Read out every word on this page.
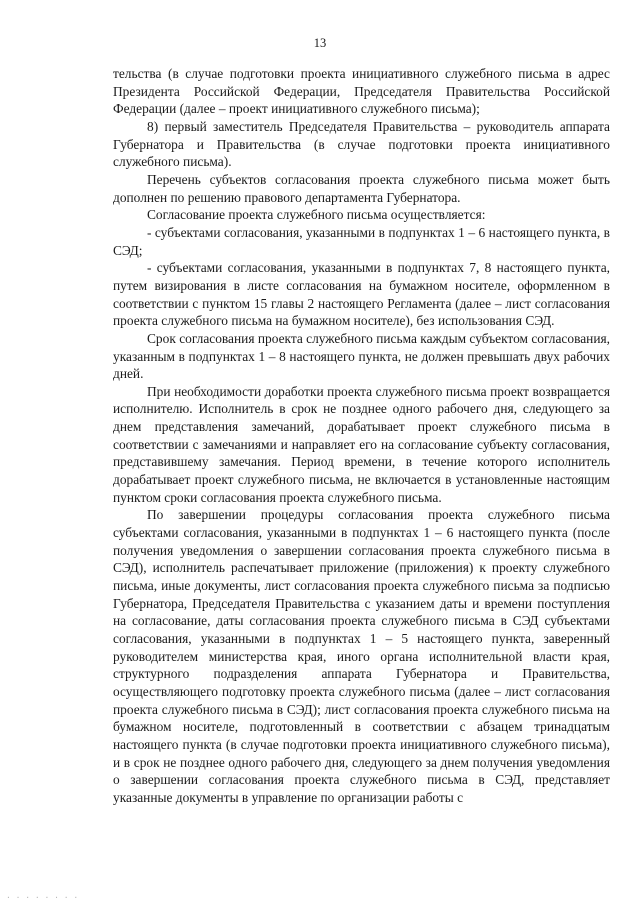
13

тельства (в случае подготовки проекта инициативного служебного письма в адрес Президента Российской Федерации, Председателя Правительства Российской Федерации (далее – проект инициативного служебного письма);

8) первый заместитель Председателя Правительства – руководитель аппарата Губернатора и Правительства (в случае подготовки проекта инициативного служебного письма).

Перечень субъектов согласования проекта служебного письма может быть дополнен по решению правового департамента Губернатора.

Согласование проекта служебного письма осуществляется:

- субъектами согласования, указанными в подпунктах 1 – 6 настоящего пункта, в СЭД;

- субъектами согласования, указанными в подпунктах 7, 8 настоящего пункта, путем визирования в листе согласования на бумажном носителе, оформленном в соответствии с пунктом 15 главы 2 настоящего Регламента (далее – лист согласования проекта служебного письма на бумажном носителе), без использования СЭД.

Срок согласования проекта служебного письма каждым субъектом согласования, указанным в подпунктах 1 – 8 настоящего пункта, не должен превышать двух рабочих дней.

При необходимости доработки проекта служебного письма проект возвращается исполнителю. Исполнитель в срок не позднее одного рабочего дня, следующего за днем представления замечаний, дорабатывает проект служебного письма в соответствии с замечаниями и направляет его на согласование субъекту согласования, представившему замечания. Период времени, в течение которого исполнитель дорабатывает проект служебного письма, не включается в установленные настоящим пунктом сроки согласования проекта служебного письма.

По завершении процедуры согласования проекта служебного письма субъектами согласования, указанными в подпунктах 1 – 6 настоящего пункта (после получения уведомления о завершении согласования проекта служебного письма в СЭД), исполнитель распечатывает приложение (приложения) к проекту служебного письма, иные документы, лист согласования проекта служебного письма за подписью Губернатора, Председателя Правительства с указанием даты и времени поступления на согласование, даты согласования проекта служебного письма в СЭД субъектами согласования, указанными в подпунктах 1 – 5 настоящего пункта, заверенный руководителем министерства края, иного органа исполнительной власти края, структурного подразделения аппарата Губернатора и Правительства, осуществляющего подготовку проекта служебного письма (далее – лист согласования проекта служебного письма в СЭД); лист согласования проекта служебного письма на бумажном носителе, подготовленный в соответствии с абзацем тринадцатым настоящего пункта (в случае подготовки проекта инициативного служебного письма), и в срок не позднее одного рабочего дня, следующего за днем получения уведомления о завершении согласования проекта служебного письма в СЭД, представляет указанные документы в управление по организации работы с

· · · · · · · ·
